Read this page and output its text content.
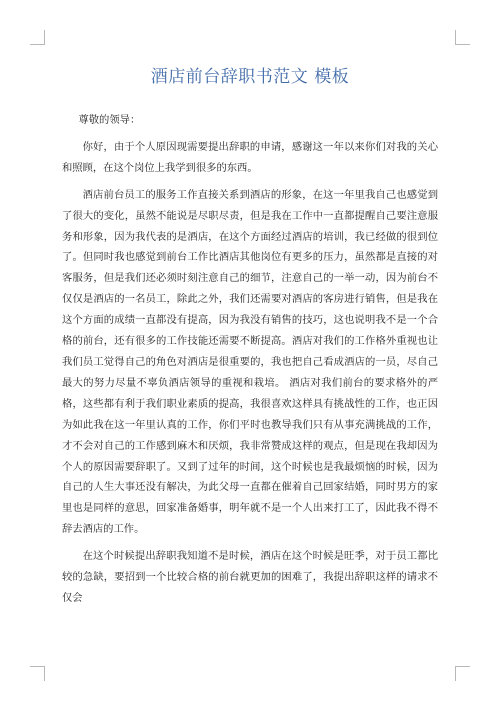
酒店前台辞职书范文 模板

尊敬的领导：

你好，由于个人原因现需要提出辞职的申请，感谢这一年以来你们对我的关心和照顾，在这个岗位上我学到很多的东西。

酒店前台员工的服务工作直接关系到酒店的形象，在这一年里我自己也感觉到了很大的变化，虽然不能说是尽职尽责，但是我在工作中一直都提醒自己要注意服务和形象，因为我代表的是酒店，在这个方面经过酒店的培训，我已经做的很到位了。但同时我也感觉到前台工作比酒店其他岗位有更多的压力，虽然都是直接的对客服务，但是我们还必须时刻注意自己的细节，注意自己的一举一动，因为前台不仅仅是酒店的一名员工，除此之外，我们还需要对酒店的客房进行销售，但是我在这个方面的成绩一直都没有提高，因为我没有销售的技巧，这也说明我不是一个合格的前台，还有很多的工作技能还需要不断提高。酒店对我们的工作格外重视也让我们员工觉得自己的角色对酒店是很重要的，我也把自己看成酒店的一员，尽自己最大的努力尽量不辜负酒店领导的重视和栽培。 酒店对我们前台的要求格外的严格，这些都有利于我们职业素质的提高，我很喜欢这样具有挑战性的工作，也正因为如此我在这一年里认真的工作，你们平时也教导我们只有从事充满挑战的工作，才不会对自己的工作感到麻木和厌烦，我非常赞成这样的观点，但是现在我却因为个人的原因需要辞职了。又到了过年的时间，这个时候也是我最烦恼的时候，因为自己的人生大事还没有解决，为此父母一直都在催着自己回家结婚，同时男方的家里也是同样的意思，回家准备婚事，明年就不是一个人出来打工了，因此我不得不辞去酒店的工作。

在这个时候提出辞职我知道不是时候，酒店在这个时候是旺季，对于员工都比较的急缺，要招到一个比较合格的前台就更加的困难了，我提出辞职这样的请求不仅会
